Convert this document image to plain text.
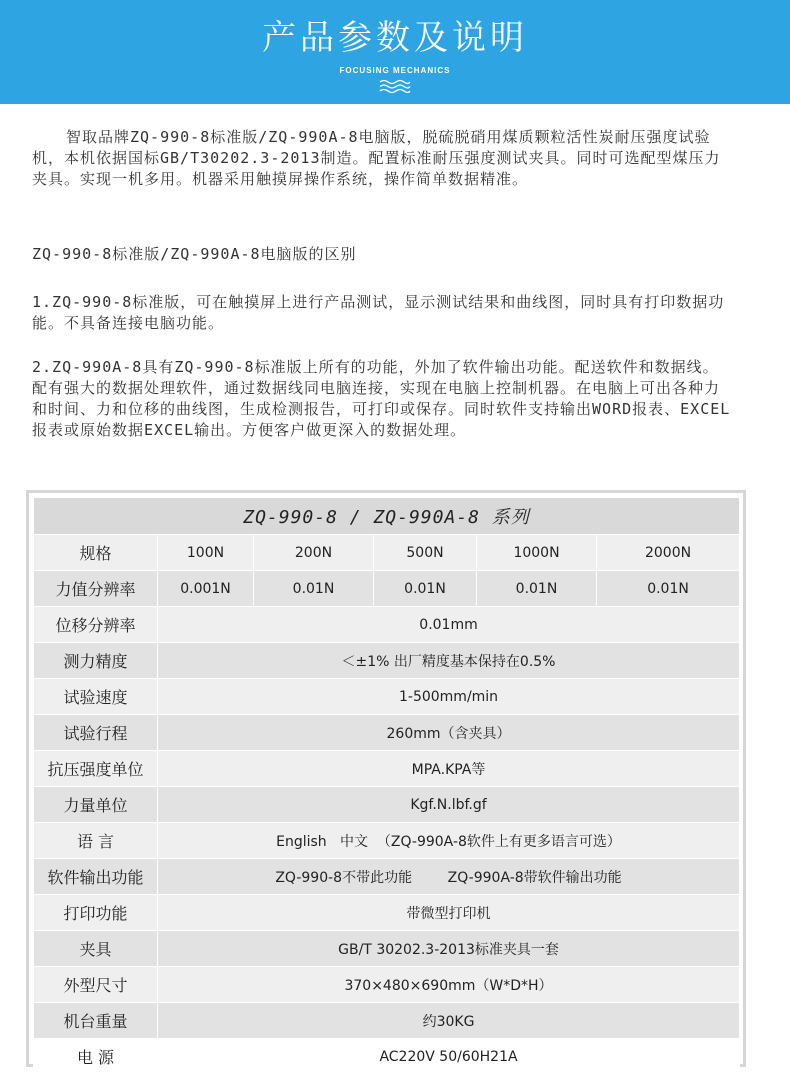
产品参数及说明
FOCUSING MECHANICS

智取品牌ZQ-990-8标准版/ZQ-990A-8电脑版，脱硫脱硝用煤质颗粒活性炭耐压强度试验机，本机依据国标GB/T30202.3-2013制造。配置标准耐压强度测试夹具。同时可选配型煤压力夹具。实现一机多用。机器采用触摸屏操作系统，操作简单数据精准。

ZQ-990-8标准版/ZQ-990A-8电脑版的区别

1.ZQ-990-8标准版，可在触摸屏上进行产品测试，显示测试结果和曲线图，同时具有打印数据功能。不具备连接电脑功能。

2.ZQ-990A-8具有ZQ-990-8标准版上所有的功能，外加了软件输出功能。配送软件和数据线。配有强大的数据处理软件，通过数据线同电脑连接，实现在电脑上控制机器。在电脑上可出各种力和时间、力和位移的曲线图，生成检测报告，可打印或保存。同时软件支持输出WORD报表、EXCEL报表或原始数据EXCEL输出。方便客户做更深入的数据处理。

ZQ-990-8 / ZQ-990A-8 系列					
规格	100N	200N	500N	1000N	2000N
力值分辨率	0.001N	0.01N	0.01N	0.01N	0.01N
位移分辨率	0.01mm				
测力精度	＜±1% 出厂精度基本保持在0.5%				
试验速度	1-500mm/min				
试验行程	260mm（含夹具）				
抗压强度单位	MPA.KPA等				
力量单位	Kgf.N.lbf.gf				
语 言	English   中文  （ZQ-990A-8软件上有更多语言可选）				
软件输出功能	ZQ-990-8不带此功能        ZQ-990A-8带软件输出功能				
打印功能	带微型打印机				
夹具	GB/T 30202.3-2013标准夹具一套				
外型尺寸	370×480×690mm（W*D*H）				
机台重量	约30KG				
电 源	AC220V 50/60H21A				
